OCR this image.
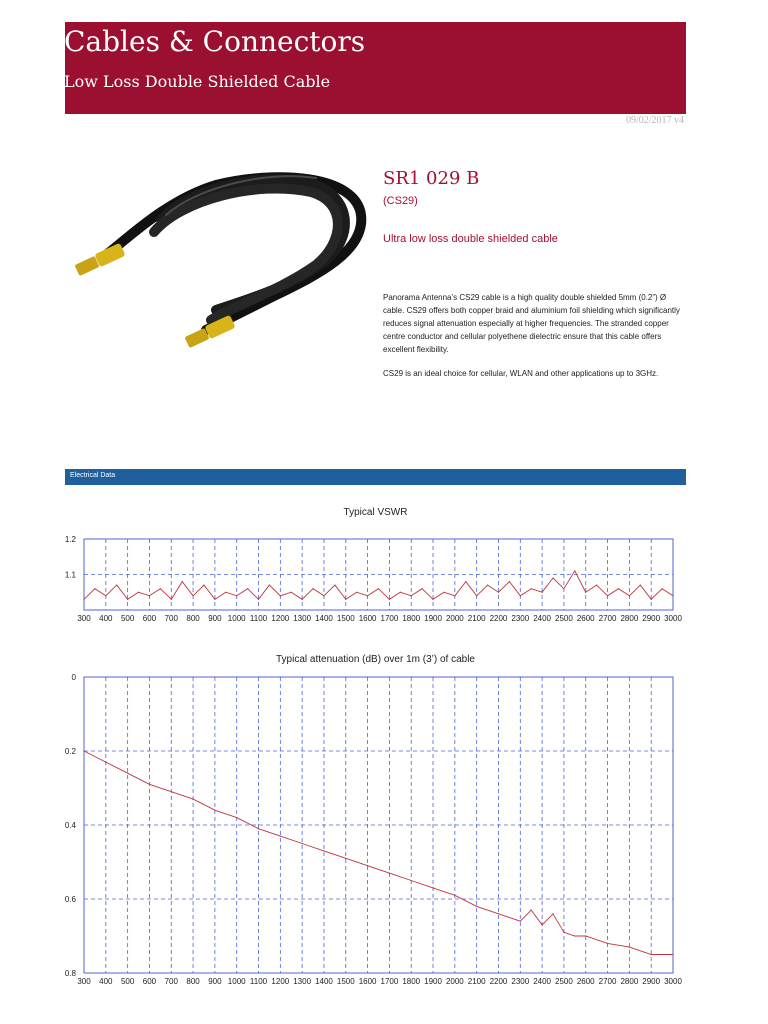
Cables & Connectors
Low Loss Double Shielded Cable
09/02/2017 v4
SR1 029 B
(CS29)
Ultra low loss double shielded cable

Panorama Antenna’s CS29 cable is a high quality double shielded 5mm (0.2”) Ø cable. CS29 offers both copper braid and aluminium foil shielding which significantly reduces signal attenuation especially at higher frequencies. The stranded copper centre conductor and cellular polyethene dielectric ensure that this cable offers excellent flexibility.

CS29 is an ideal choice for cellular, WLAN and other applications up to 3GHz.

Electrical Data
Typical VSWR
300 400 500 600 700 800 900 1000 1100 1200 1300 1400 1500 1600 1700 1800 1900 2000 2100 2200 2300 2400 2500 2600 2700 2800 2900 3000
1.1
1.2
Typical attenuation (dB) over 1m (3’) of cable
300 400 500 600 700 800 900 1000 1100 1200 1300 1400 1500 1600 1700 1800 1900 2000 2100 2200 2300 2400 2500 2600 2700 2800 2900 3000
0
0.2
0.4
0.6
0.8
